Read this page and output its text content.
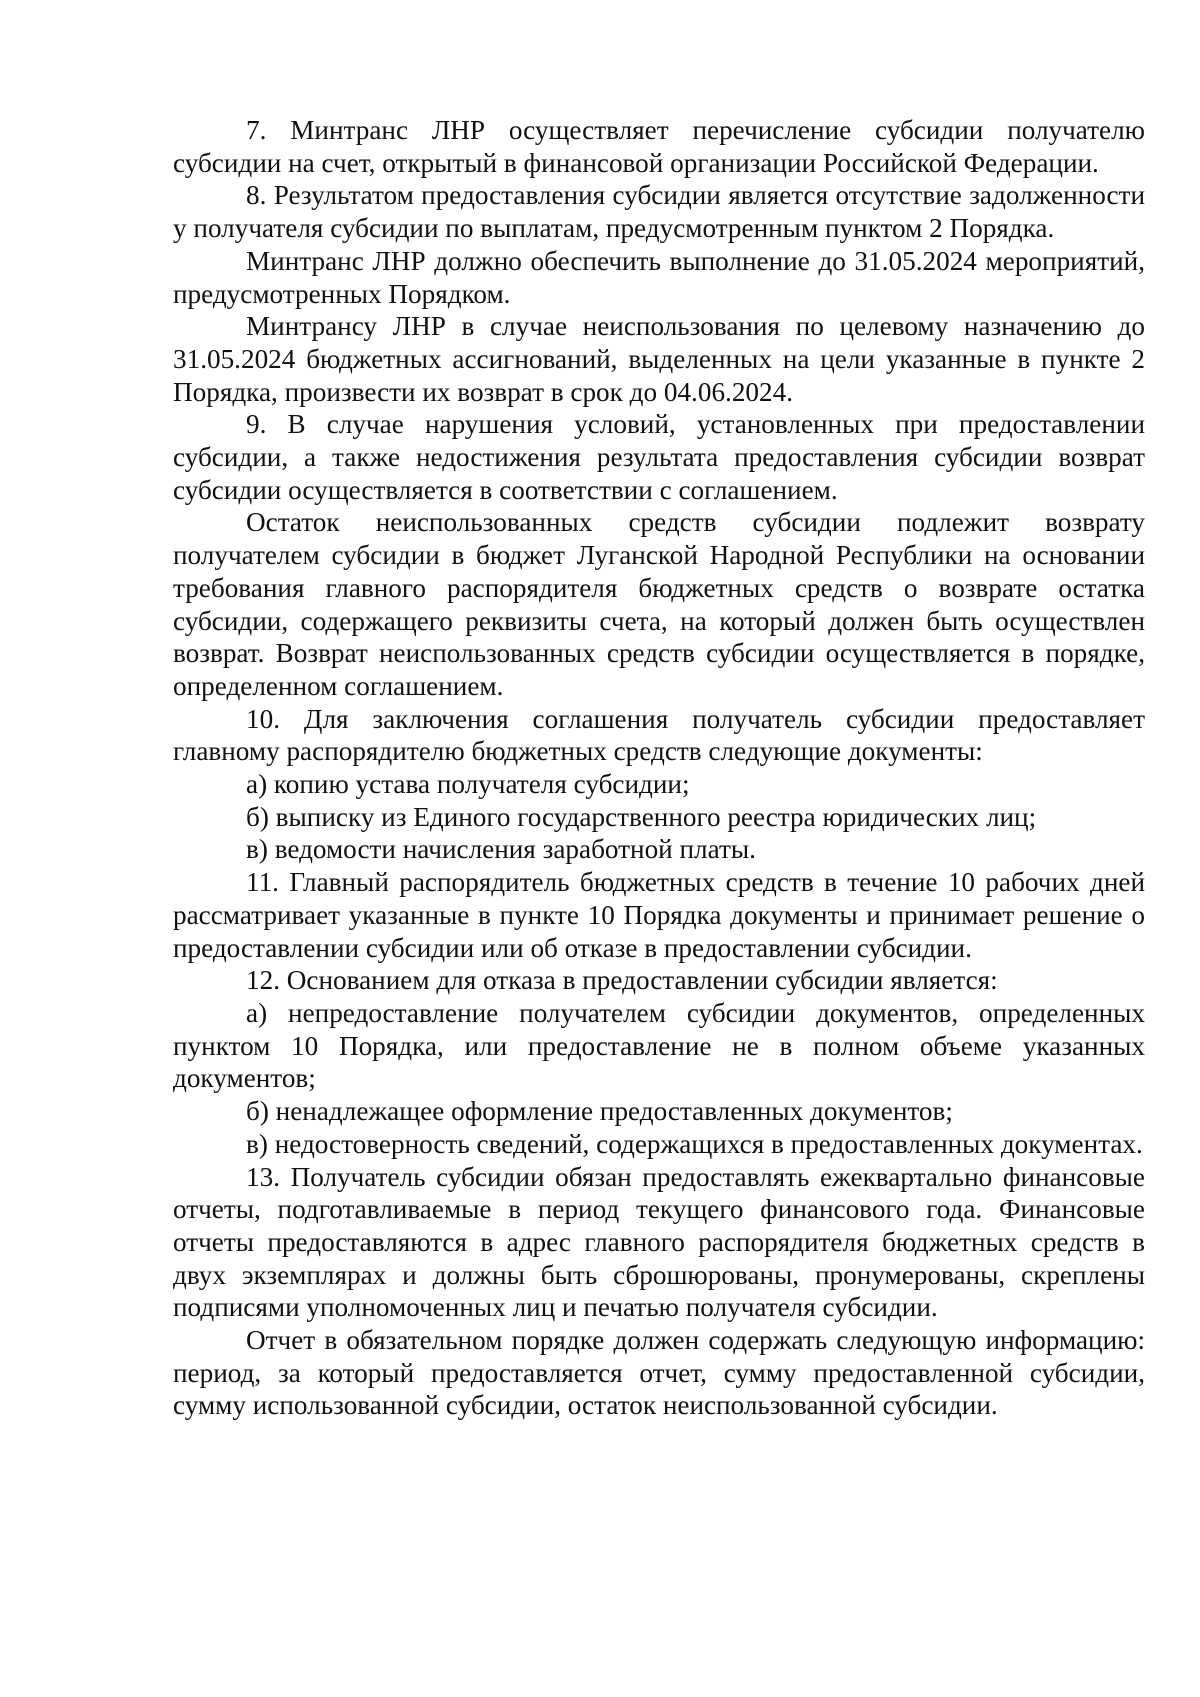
7. Минтранс ЛНР осуществляет перечисление субсидии получателю субсидии на счет, открытый в финансовой организации Российской Федерации.

8. Результатом предоставления субсидии является отсутствие задолженности у получателя субсидии по выплатам, предусмотренным пунктом 2 Порядка.

Минтранс ЛНР должно обеспечить выполнение до 31.05.2024 мероприятий, предусмотренных Порядком.

Минтрансу ЛНР в случае неиспользования по целевому назначению до 31.05.2024 бюджетных ассигнований, выделенных на цели указанные в пункте 2 Порядка, произвести их возврат в срок до 04.06.2024.

9. В случае нарушения условий, установленных при предоставлении субсидии, а также недостижения результата предоставления субсидии возврат субсидии осуществляется в соответствии с соглашением.

Остаток неиспользованных средств субсидии подлежит возврату получателем субсидии в бюджет Луганской Народной Республики на основании требования главного распорядителя бюджетных средств о возврате остатка субсидии, содержащего реквизиты счета, на который должен быть осуществлен возврат. Возврат неиспользованных средств субсидии осуществляется в порядке, определенном соглашением.

10. Для заключения соглашения получатель субсидии предоставляет главному распорядителю бюджетных средств следующие документы:

а) копию устава получателя субсидии;

б) выписку из Единого государственного реестра юридических лиц;

в) ведомости начисления заработной платы.

11. Главный распорядитель бюджетных средств в течение 10 рабочих дней рассматривает указанные в пункте 10 Порядка документы и принимает решение о предоставлении субсидии или об отказе в предоставлении субсидии.

12. Основанием для отказа в предоставлении субсидии является:

а) непредоставление получателем субсидии документов, определенных пунктом 10 Порядка, или предоставление не в полном объеме указанных документов;

б) ненадлежащее оформление предоставленных документов;

в) недостоверность сведений, содержащихся в предоставленных документах.

13. Получатель субсидии обязан предоставлять ежеквартально финансовые отчеты, подготавливаемые в период текущего финансового года. Финансовые отчеты предоставляются в адрес главного распорядителя бюджетных средств в двух экземплярах и должны быть сброшюрованы, пронумерованы, скреплены подписями уполномоченных лиц и печатью получателя субсидии.

Отчет в обязательном порядке должен содержать следующую информацию: период, за который предоставляется отчет, сумму предоставленной субсидии, сумму использованной субсидии, остаток неиспользованной субсидии.
